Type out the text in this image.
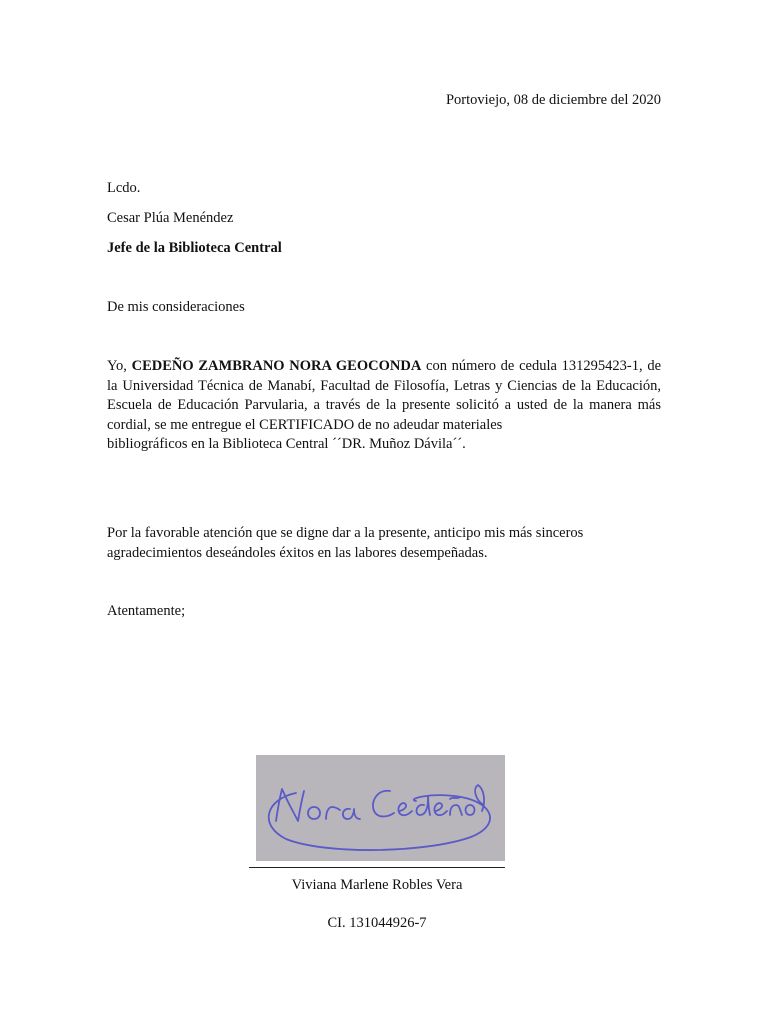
Portoviejo, 08 de diciembre del 2020

Lcdo.

Cesar Plúa Menéndez

Jefe de la Biblioteca Central

De mis consideraciones

Yo, CEDEÑO ZAMBRANO NORA GEOCONDA con número de cedula 131295423-1, de la Universidad Técnica de Manabí, Facultad de Filosofía, Letras y Ciencias de la Educación, Escuela de Educación Parvularia, a través de la presente solicitó a usted de la manera más cordial, se me entregue el CERTIFICADO de no adeudar materiales
bibliográficos en la Biblioteca Central ´´DR. Muñoz Dávila´´.

Por la favorable atención que se digne dar a la presente, anticipo mis más sinceros
agradecimientos deseándoles éxitos en las labores desempeñadas.

Atentamente;

Viviana Marlene Robles Vera

CI. 131044926-7
